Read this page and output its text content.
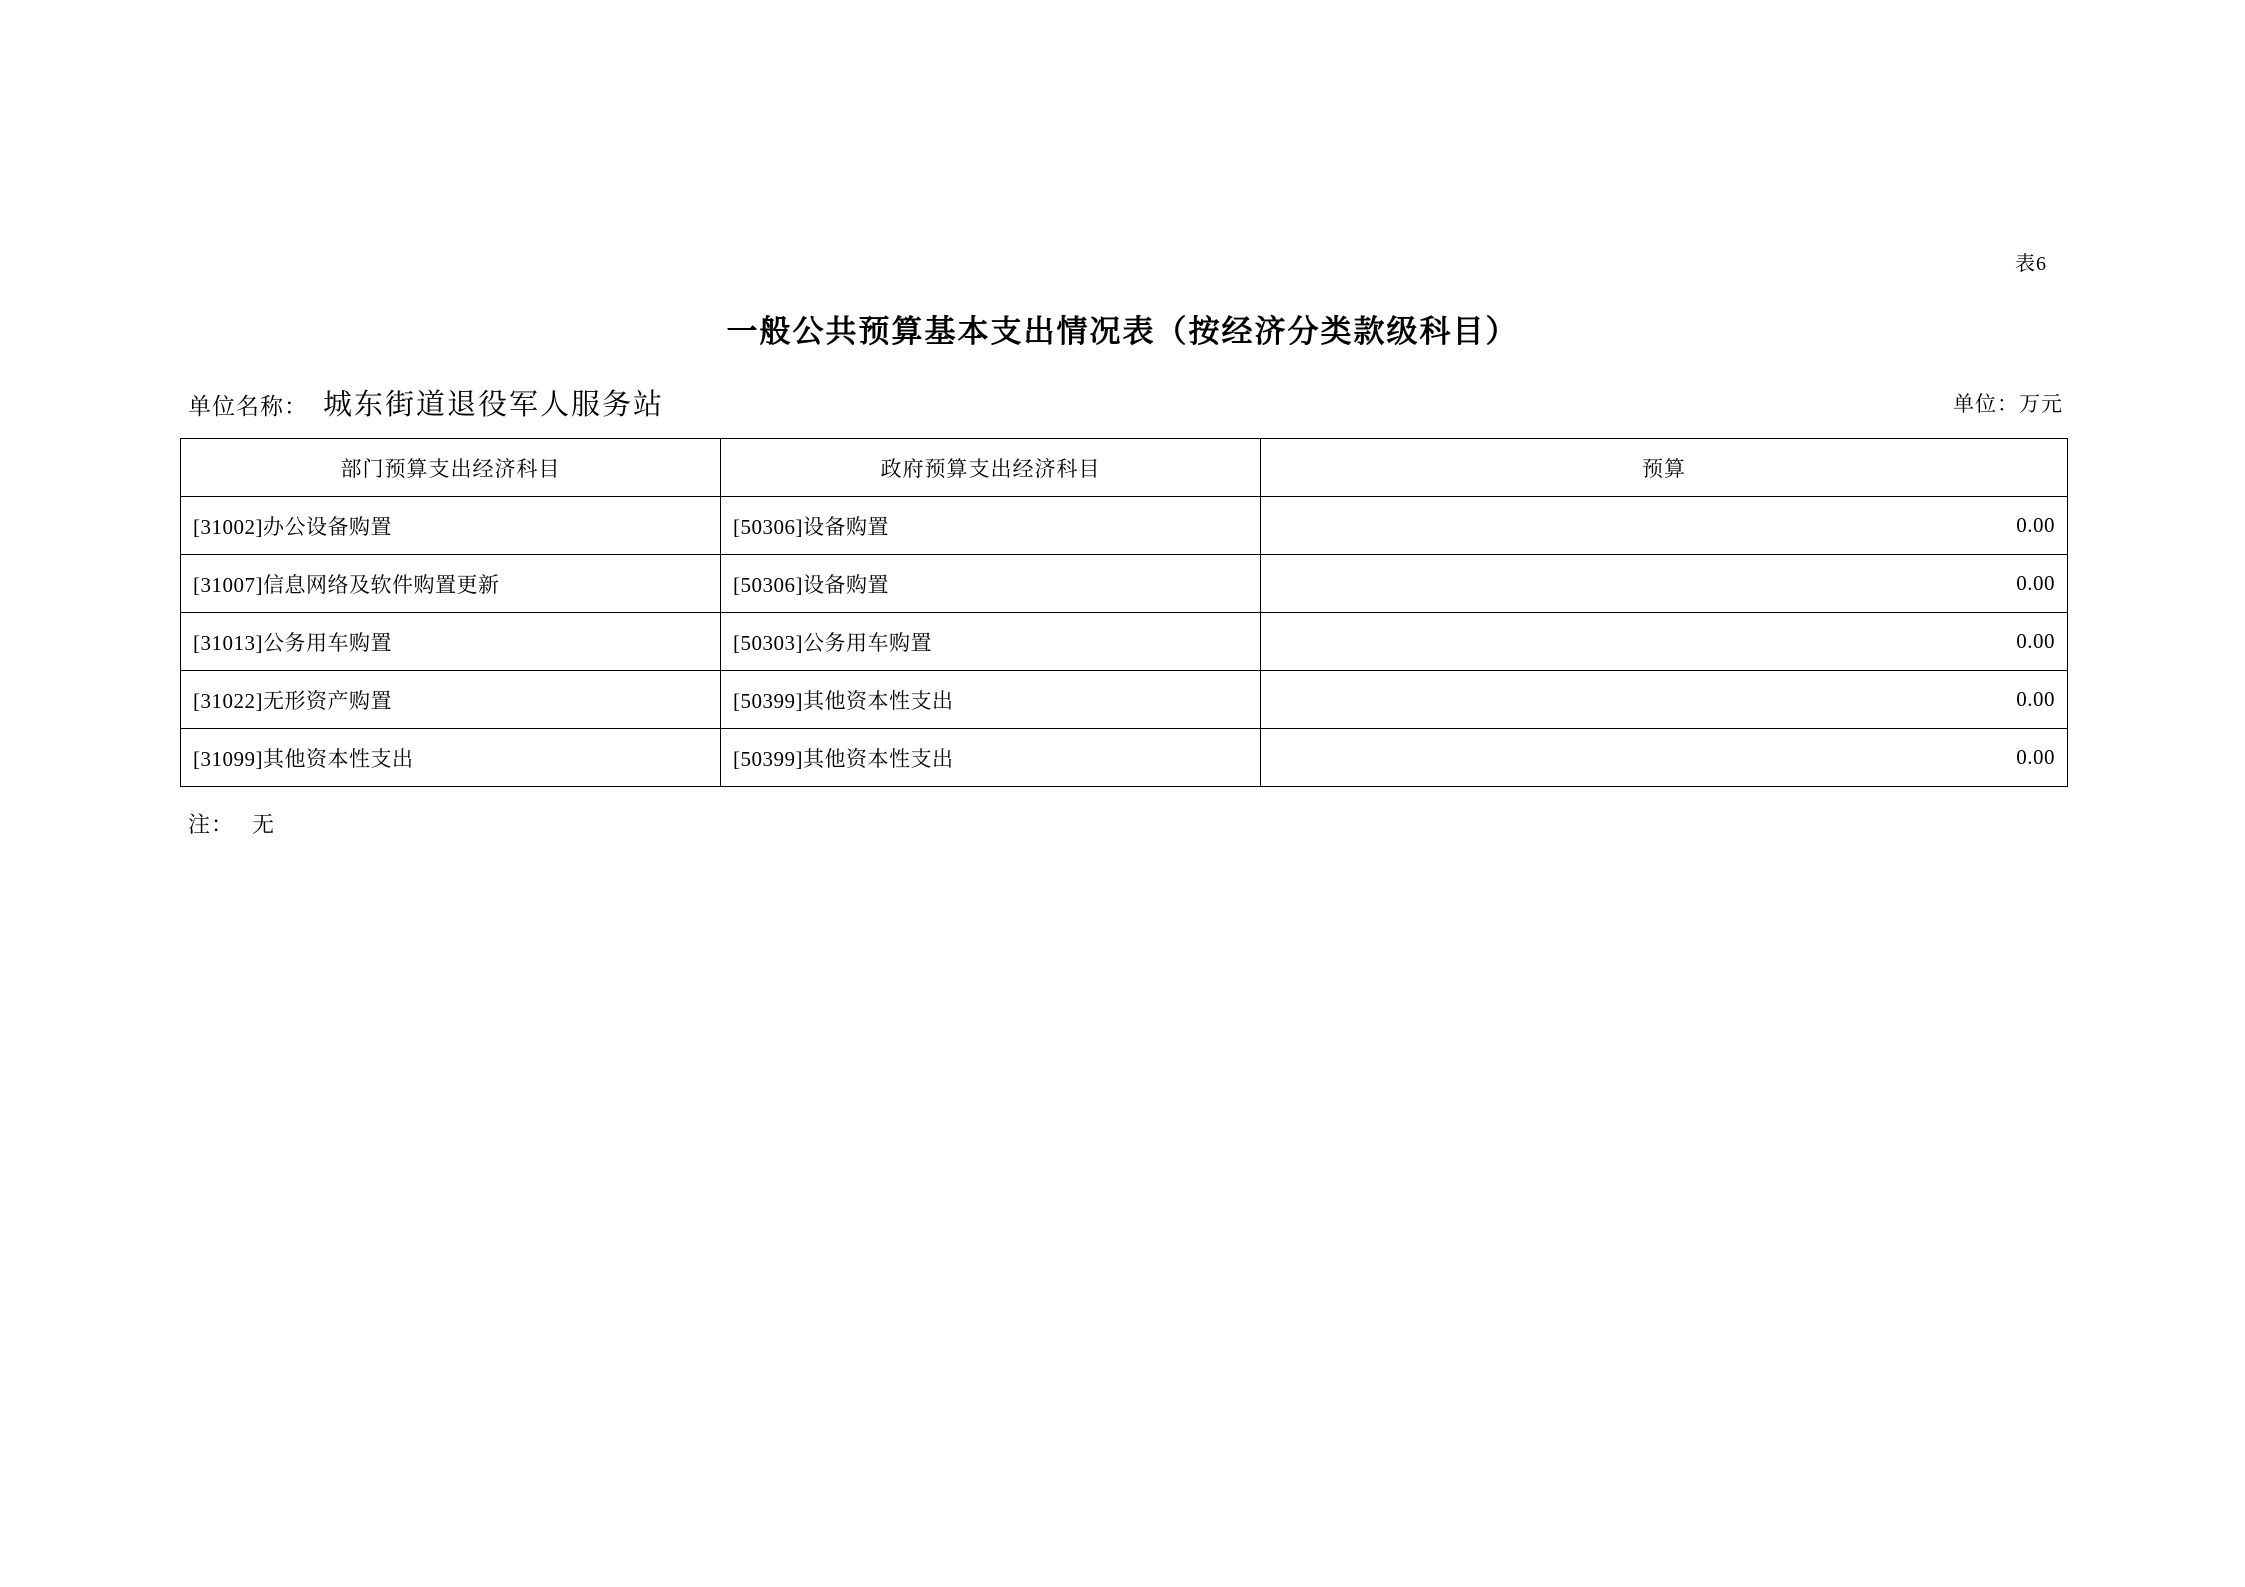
表6
一般公共预算基本支出情况表（按经济分类款级科目）
单位名称： 城东街道退役军人服务站	单位：万元
部门预算支出经济科目	政府预算支出经济科目	预算
[31002]办公设备购置	[50306]设备购置	0.00
[31007]信息网络及软件购置更新	[50306]设备购置	0.00
[31013]公务用车购置	[50303]公务用车购置	0.00
[31022]无形资产购置	[50399]其他资本性支出	0.00
[31099]其他资本性支出	[50399]其他资本性支出	0.00
注： 无
